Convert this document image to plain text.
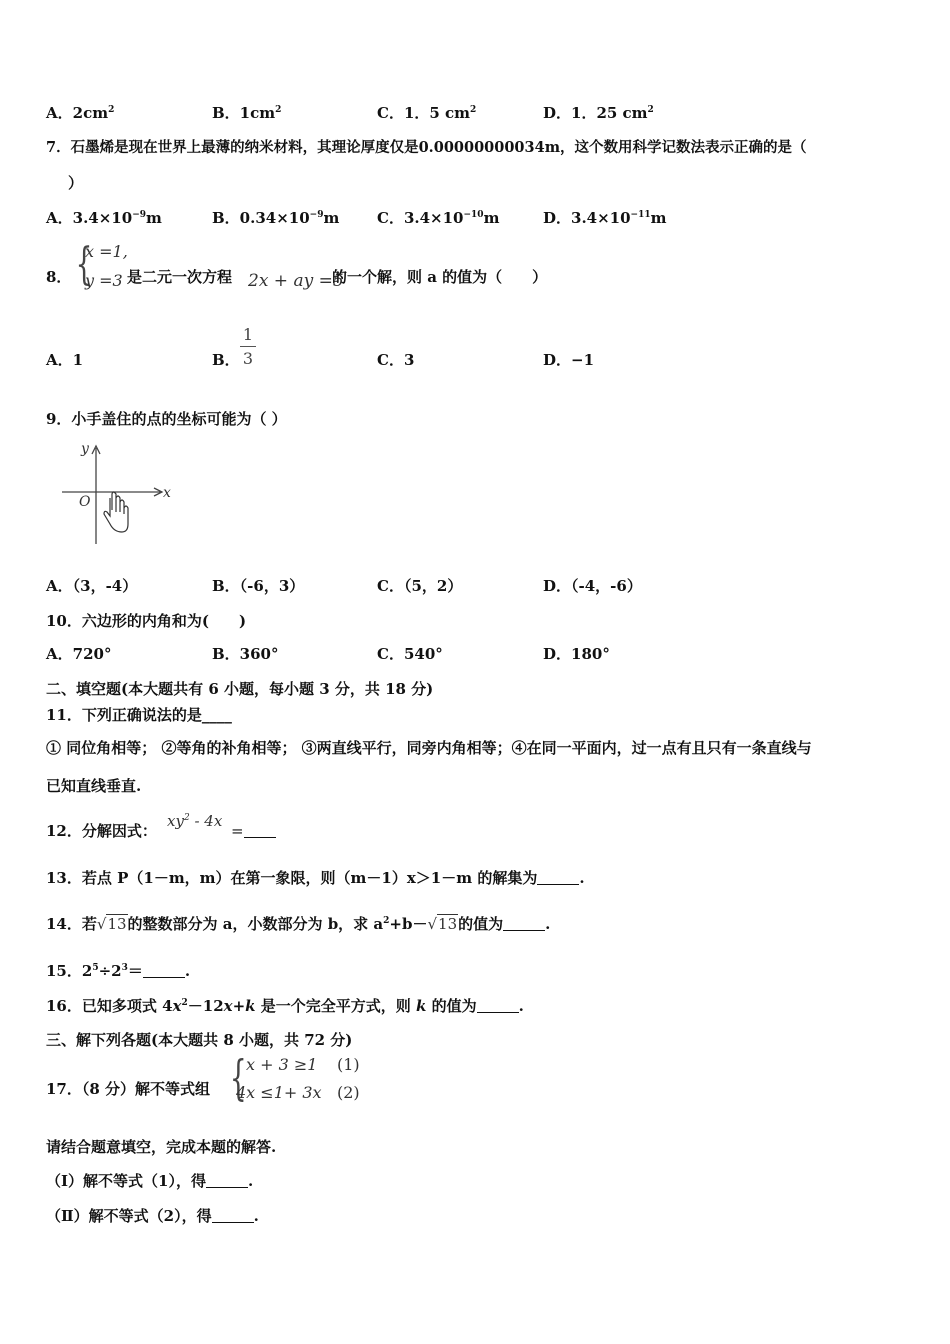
A．$2cm^2$	B．$1cm^2$	C．1．5 $cm^2$	D．1．25 $cm^2$
7．石墨烯是现在世界上最薄的纳米材料，其理论厚度仅是0.00000000034m，这个数用科学记数法表示正确的是（
）
A．$3.4\times 10^{-9}m$	B．$0.34\times 10^{-9}m$	C．$3.4\times 10^{-10}m$	D．$3.4\times 10^{-11}m$
8． {
x =1,
y =3 是二元一次方程 2x + ay =5
的一个解，则 a 的值为（　　）
A．1	B．
1
3	C．3	D．−1
9．小手盖住的点的坐标可能为（ ）
y
x
O
A．（3，-4）	B．（-6，3）	C．（5，2）	D．（-4，-6）
10．六边形的内角和为(　　)
A．720°	B．360°	C．540°	D．180°
二、填空题(本大题共有 6 小题，每小题 3 分，共 18 分)
11．下列正确说法的是____
① 同位角相等； ②等角的补角相等； ③两直线平行，同旁内角相等；④在同一平面内，过一点有且只有一条直线与
已知直线垂直.
12．分解因式：
$xy^2 - 4x$
=
13．若点 P（1－m，m）在第一象限，则（m－1）x＞1－m 的解集为	.
14．若√13的整数部分为 a，小数部分为 b，求 $a^2+b-√13$的值为	.
15．$2^5\div 2^3=$	.
16．已知多项式 $4x^2-12x+k$ 是一个完全平方式，则 k 的值为	.
三、解下列各题(本大题共 8 小题，共 72 分)
17．（8 分）解不等式组 { x + 3 ≥1 (1)
4x ≤1+ 3x (2)
请结合题意填空，完成本题的解答.
（Ⅰ）解不等式（1），得	.
（Ⅱ）解不等式（2），得	.
